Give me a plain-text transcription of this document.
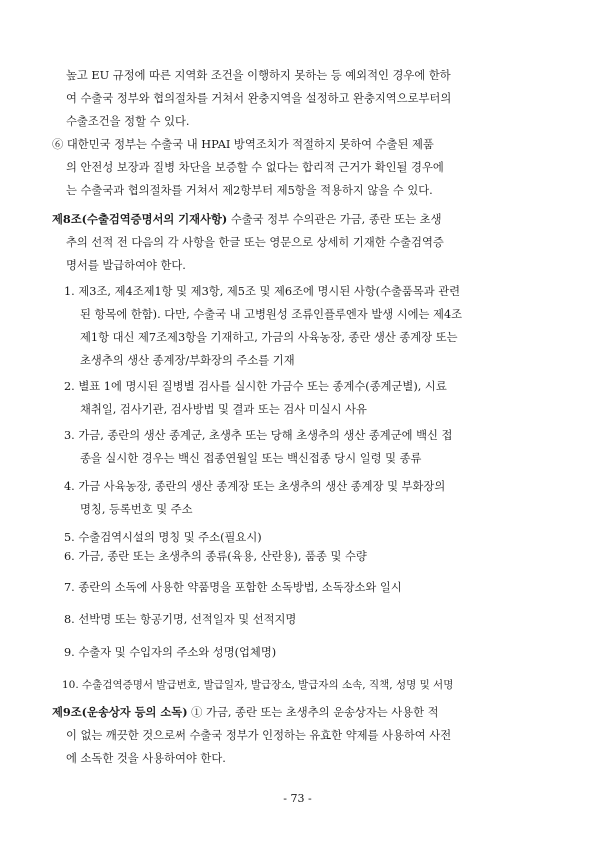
높고 EU 규정에 따른 지역화 조건을 이행하지 못하는 등 예외적인 경우에 한하
여 수출국 정부와 협의절차를 거쳐서 완충지역을 설정하고 완충지역으로부터의
수출조건을 정할 수 있다.

⑥ 대한민국 정부는 수출국 내 HPAI 방역조치가 적절하지 못하여 수출된 제품
의 안전성 보장과 질병 차단을 보증할 수 없다는 합리적 근거가 확인될 경우에
는 수출국과 협의절차를 거쳐서 제2항부터 제5항을 적용하지 않을 수 있다.

제8조(수출검역증명서의 기재사항) 수출국 정부 수의관은 가금, 종란 또는 초생
추의 선적 전 다음의 각 사항을 한글 또는 영문으로 상세히 기재한 수출검역증
명서를 발급하여야 한다.

1. 제3조, 제4조제1항 및 제3항, 제5조 및 제6조에 명시된 사항(수출품목과 관련
된 항목에 한함). 다만, 수출국 내 고병원성 조류인플루엔자 발생 시에는 제4조
제1항 대신 제7조제3항을 기재하고, 가금의 사육농장, 종란 생산 종계장 또는
초생추의 생산 종계장/부화장의 주소를 기재

2. 별표 1에 명시된 질병별 검사를 실시한 가금수 또는 종계수(종계군별), 시료
채취일, 검사기관, 검사방법 및 결과 또는 검사 미실시 사유

3. 가금, 종란의 생산 종계군, 초생추 또는 당해 초생추의 생산 종계군에 백신 접
종을 실시한 경우는 백신 접종연월일 또는 백신접종 당시 일령 및 종류

4. 가금 사육농장, 종란의 생산 종계장 또는 초생추의 생산 종계장 및 부화장의
명칭, 등록번호 및 주소

5. 수출검역시설의 명칭 및 주소(필요시)

6. 가금, 종란 또는 초생추의 종류(육용, 산란용), 품종 및 수량

7. 종란의 소독에 사용한 약품명을 포함한 소독방법, 소독장소와 일시

8. 선박명 또는 항공기명, 선적일자 및 선적지명

9. 수출자 및 수입자의 주소와 성명(업체명)

10. 수출검역증명서 발급번호, 발급일자, 발급장소, 발급자의 소속, 직책, 성명 및 서명

제9조(운송상자 등의 소독) ① 가금, 종란 또는 초생추의 운송상자는 사용한 적
이 없는 깨끗한 것으로써 수출국 정부가 인정하는 유효한 약제를 사용하여 사전
에 소독한 것을 사용하여야 한다.

- 73 -
